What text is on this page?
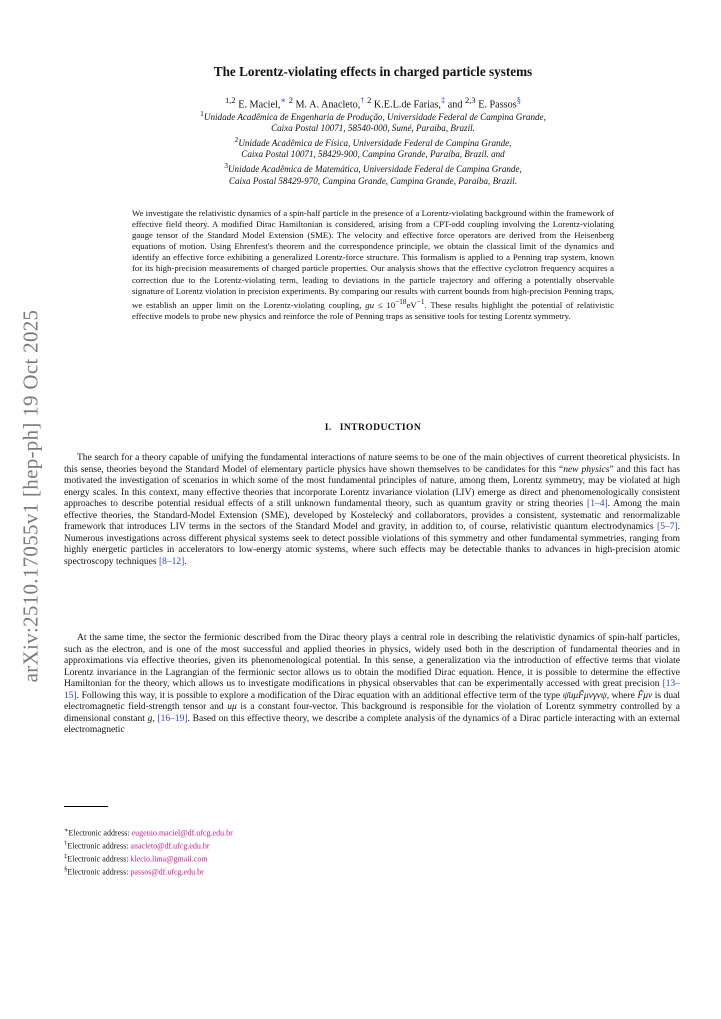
arXiv:2510.17055v1 [hep-ph] 19 Oct 2025
The Lorentz-violating effects in charged particle systems
$^{1,2}$ E. Maciel,∗ $^2$ M. A. Anacleto,† $^2$ K.E.L.de Farias,‡ and $^{2,3}$ E. Passos§
$^1$Unidade Acadêmica de Engenharia de Produção, Universidade Federal de Campina Grande,
Caixa Postal 10071, 58540-000, Sumé, Paraíba, Brazil.
$^2$Unidade Acadêmica de Física, Universidade Federal de Campina Grande,
Caixa Postal 10071, 58429-900, Campina Grande, Paraíba, Brazil. and
$^3$Unidade Acadêmica de Matemática, Universidade Federal de Campina Grande,
Caixa Postal 58429-970, Campina Grande, Campina Grande, Paraíba, Brazil.

We investigate the relativistic dynamics of a spin-half particle in the presence of a Lorentz-violating background within the framework of effective field theory. A modified Dirac Hamiltonian is considered, arising from a CPT-odd coupling involving the Lorentz-violating gauge tensor of the Standard Model Extension (SME). The velocity and effective force operators are derived from the Heisenberg equations of motion. Using Ehrenfest's theorem and the correspondence principle, we obtain the classical limit of the dynamics and identify an effective force exhibiting a generalized Lorentz-force structure. This formalism is applied to a Penning trap system, known for its high-precision measurements of charged particle properties. Our analysis shows that the effective cyclotron frequency acquires a correction due to the Lorentz-violating term, leading to deviations in the particle trajectory and offering a potentially observable signature of Lorentz violation in precision experiments. By comparing our results with current bounds from high-precision Penning traps, we establish an upper limit on the Lorentz-violating coupling, gu ≤ $10^{-18}eV^{-1}$. These results highlight the potential of relativistic effective models to probe new physics and reinforce the role of Penning traps as sensitive tools for testing Lorentz symmetry.

I. INTRODUCTION

The search for a theory capable of unifying the fundamental interactions of nature seems to be one of the main objectives of current theoretical physicists. In this sense, theories beyond the Standard Model of elementary particle physics have shown themselves to be candidates for this “new physics” and this fact has motivated the investigation of scenarios in which some of the most fundamental principles of nature, among them, Lorentz symmetry, may be violated at high energy scales. In this context, many effective theories that incorporate Lorentz invariance violation (LIV) emerge as direct and phenomenologically consistent approaches to describe potential residual effects of a still unknown fundamental theory, such as quantum gravity or string theories [1–4]. Among the main effective theories, the Standard-Model Extension (SME), developed by Kostelecký and collaborators, provides a consistent, systematic and renormalizable framework that introduces LIV terms in the sectors of the Standard Model and gravity, in addition to, of course, relativistic quantum electrodynamics [5–7]. Numerous investigations across different physical systems seek to detect possible violations of this symmetry and other fundamental symmetries, ranging from highly energetic particles in accelerators to low-energy atomic systems, where such effects may be detectable thanks to advances in high-precision atomic spectroscopy techniques [8–12].

At the same time, the sector the fermionic described from the Dirac theory plays a central role in describing the relativistic dynamics of spin-half particles, such as the electron, and is one of the most successful and applied theories in physics, widely used both in the description of fundamental theories and in approximations via effective theories, given its phenomenological potential. In this sense, a generalization via the introduction of effective terms that violate Lorentz invariance in the Lagrangian of the fermionic sector allows us to obtain the modified Dirac equation. Hence, it is possible to determine the effective Hamiltonian for the theory, which allows us to investigate modifications in physical observables that can be experimentally accessed with great precision [13–15]. Following this way, it is possible to explore a modification of the Dirac equation with an additional effective term of the type ψ̄uμF̃μνγνψ, where F̃μν is dual electromagnetic field-strength tensor and uμ is a constant four-vector. This background is responsible for the violation of Lorentz symmetry controlled by a dimensional constant g, [16–19]. Based on this effective theory, we describe a complete analysis of the dynamics of a Dirac particle interacting with an external electromagnetic

∗Electronic address: eugenio.maciel@df.ufcg.edu.br
†Electronic address: anacleto@df.ufcg.edu.br
‡Electronic address: klecio.lima@gmail.com
§Electronic address: passos@df.ufcg.edu.br
